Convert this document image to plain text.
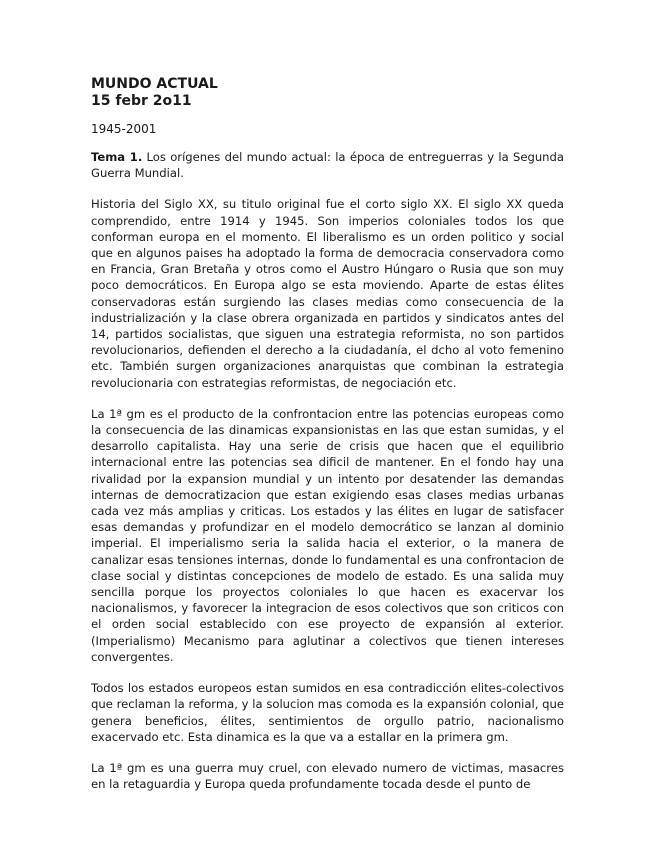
MUNDO ACTUAL
15 febr 2o11

1945-2001

Tema 1. Los orígenes del mundo actual: la época de entreguerras y la Segunda Guerra Mundial.

Historia del Siglo XX, su titulo original fue el corto siglo XX. El siglo XX queda comprendido, entre 1914 y 1945. Son imperios coloniales todos los que conforman europa en el momento. El liberalismo es un orden politico y social que en algunos paises ha adoptado la forma de democracia conservadora como en Francia, Gran Bretaña y otros como el Austro Húngaro o Rusia que son muy poco democráticos. En Europa algo se esta moviendo. Aparte de estas élites conservadoras están surgiendo las clases medias como consecuencia de la industrialización y la clase obrera organizada en partidos y sindicatos antes del 14, partidos socialistas, que siguen una estrategia reformista, no son partidos revolucionarios, defienden el derecho a la ciudadanía, el dcho al voto femenino etc. También surgen organizaciones anarquistas que combinan la estrategia revolucionaria con estrategias reformistas, de negociación etc.

La 1ª gm es el producto de la confrontacion entre las potencias europeas como la consecuencia de las dinamicas expansionistas en las que estan sumidas, y el desarrollo capitalista. Hay una serie de crisis que hacen que el equilibrio internacional entre las potencias sea dificil de mantener. En el fondo hay una rivalidad por la expansion mundial y un intento por desatender las demandas internas de democratizacion que estan exigiendo esas clases medias urbanas cada vez más amplias y criticas. Los estados y las élites en lugar de satisfacer esas demandas y profundizar en el modelo democrático se lanzan al dominio imperial. El imperialismo seria la salida hacia el exterior, o la manera de canalizar esas tensiones internas, donde lo fundamental es una confrontacion de clase social y distintas concepciones de modelo de estado. Es una salida muy sencilla porque los proyectos coloniales lo que hacen es exacervar los nacionalismos, y favorecer la integracion de esos colectivos que son criticos con el orden social establecido con ese proyecto de expansión al exterior. (Imperialismo) Mecanismo para aglutinar a colectivos que tienen intereses convergentes.

Todos los estados europeos estan sumidos en esa contradicción elites-colectivos que reclaman la reforma, y la solucion mas comoda es la expansión colonial, que genera beneficios, élites, sentimientos de orgullo patrio, nacionalismo exacervado etc. Esta dinamica es la que va a estallar en la primera gm.

La 1ª gm es una guerra muy cruel, con elevado numero de victimas, masacres en la retaguardia y Europa queda profundamente tocada desde el punto de
